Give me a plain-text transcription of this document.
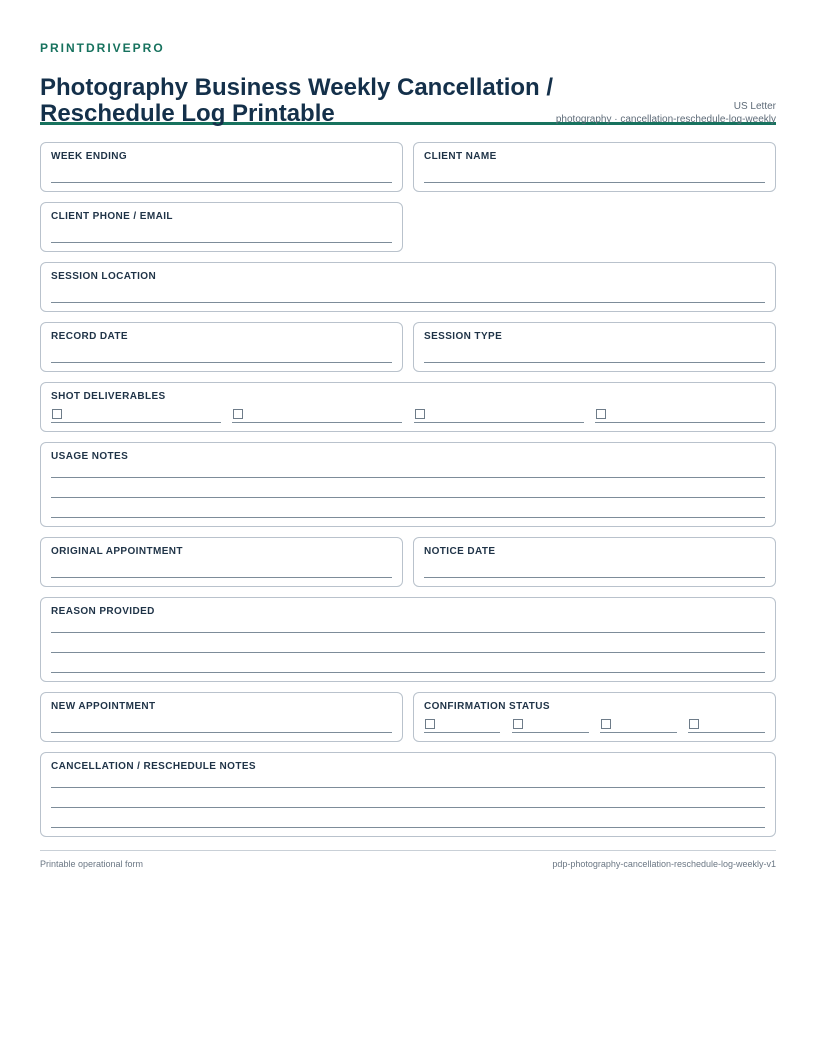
PRINTDRIVEPRO
Photography Business Weekly Cancellation / Reschedule Log Printable	US Letter
photography · cancellation-reschedule-log-weekly
WEEK ENDING	CLIENT NAME
CLIENT PHONE / EMAIL
SESSION LOCATION
RECORD DATE	SESSION TYPE
SHOT DELIVERABLES
USAGE NOTES
ORIGINAL APPOINTMENT	NOTICE DATE
REASON PROVIDED
NEW APPOINTMENT	CONFIRMATION STATUS
CANCELLATION / RESCHEDULE NOTES
Printable operational form	pdp-photography-cancellation-reschedule-log-weekly-v1
